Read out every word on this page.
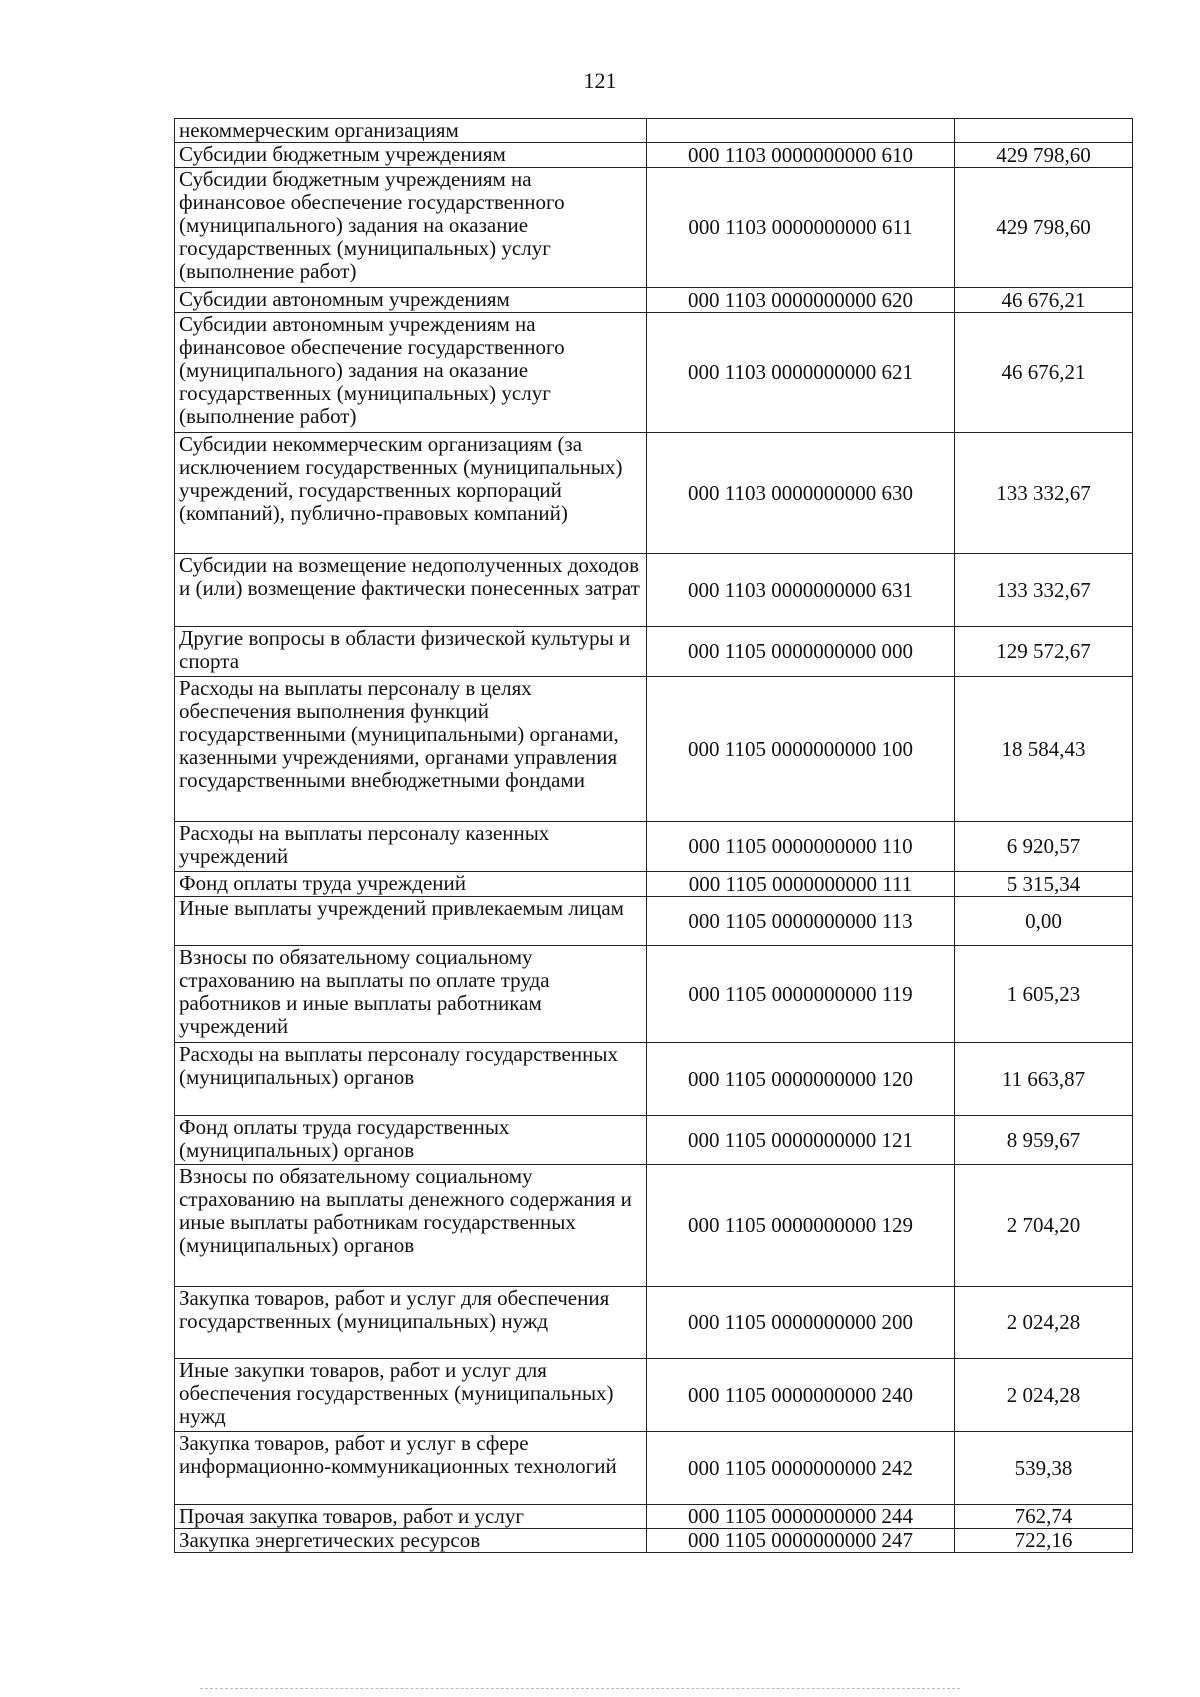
121
некоммерческим организациям		
Субсидии бюджетным учреждениям	000 1103 0000000000 610	429 798,60
Субсидии бюджетным учреждениям на финансовое обеспечение государственного (муниципального) задания на оказание государственных (муниципальных) услуг (выполнение работ)	000 1103 0000000000 611	429 798,60
Субсидии автономным учреждениям	000 1103 0000000000 620	46 676,21
Субсидии автономным учреждениям на финансовое обеспечение государственного (муниципального) задания на оказание государственных (муниципальных) услуг (выполнение работ)	000 1103 0000000000 621	46 676,21
Субсидии некоммерческим организациям (за исключением государственных (муниципальных) учреждений, государственных корпораций (компаний), публично-правовых компаний)	000 1103 0000000000 630	133 332,67
Субсидии на возмещение недополученных доходов и (или) возмещение фактически понесенных затрат	000 1103 0000000000 631	133 332,67
Другие вопросы в области физической культуры и спорта	000 1105 0000000000 000	129 572,67
Расходы на выплаты персоналу в целях обеспечения выполнения функций государственными (муниципальными) органами, казенными учреждениями, органами управления государственными внебюджетными фондами	000 1105 0000000000 100	18 584,43
Расходы на выплаты персоналу казенных учреждений	000 1105 0000000000 110	6 920,57
Фонд оплаты труда учреждений	000 1105 0000000000 111	5 315,34
Иные выплаты учреждений привлекаемым лицам	000 1105 0000000000 113	0,00
Взносы по обязательному социальному страхованию на выплаты по оплате труда работников и иные выплаты работникам учреждений	000 1105 0000000000 119	1 605,23
Расходы на выплаты персоналу государственных (муниципальных) органов	000 1105 0000000000 120	11 663,87
Фонд оплаты труда государственных (муниципальных) органов	000 1105 0000000000 121	8 959,67
Взносы по обязательному социальному страхованию на выплаты денежного содержания и иные выплаты работникам государственных (муниципальных) органов	000 1105 0000000000 129	2 704,20
Закупка товаров, работ и услуг для обеспечения государственных (муниципальных) нужд	000 1105 0000000000 200	2 024,28
Иные закупки товаров, работ и услуг для обеспечения государственных (муниципальных) нужд	000 1105 0000000000 240	2 024,28
Закупка товаров, работ и услуг в сфере информационно-коммуникационных технологий	000 1105 0000000000 242	539,38
Прочая закупка товаров, работ и услуг	000 1105 0000000000 244	762,74
Закупка энергетических ресурсов	000 1105 0000000000 247	722,16
